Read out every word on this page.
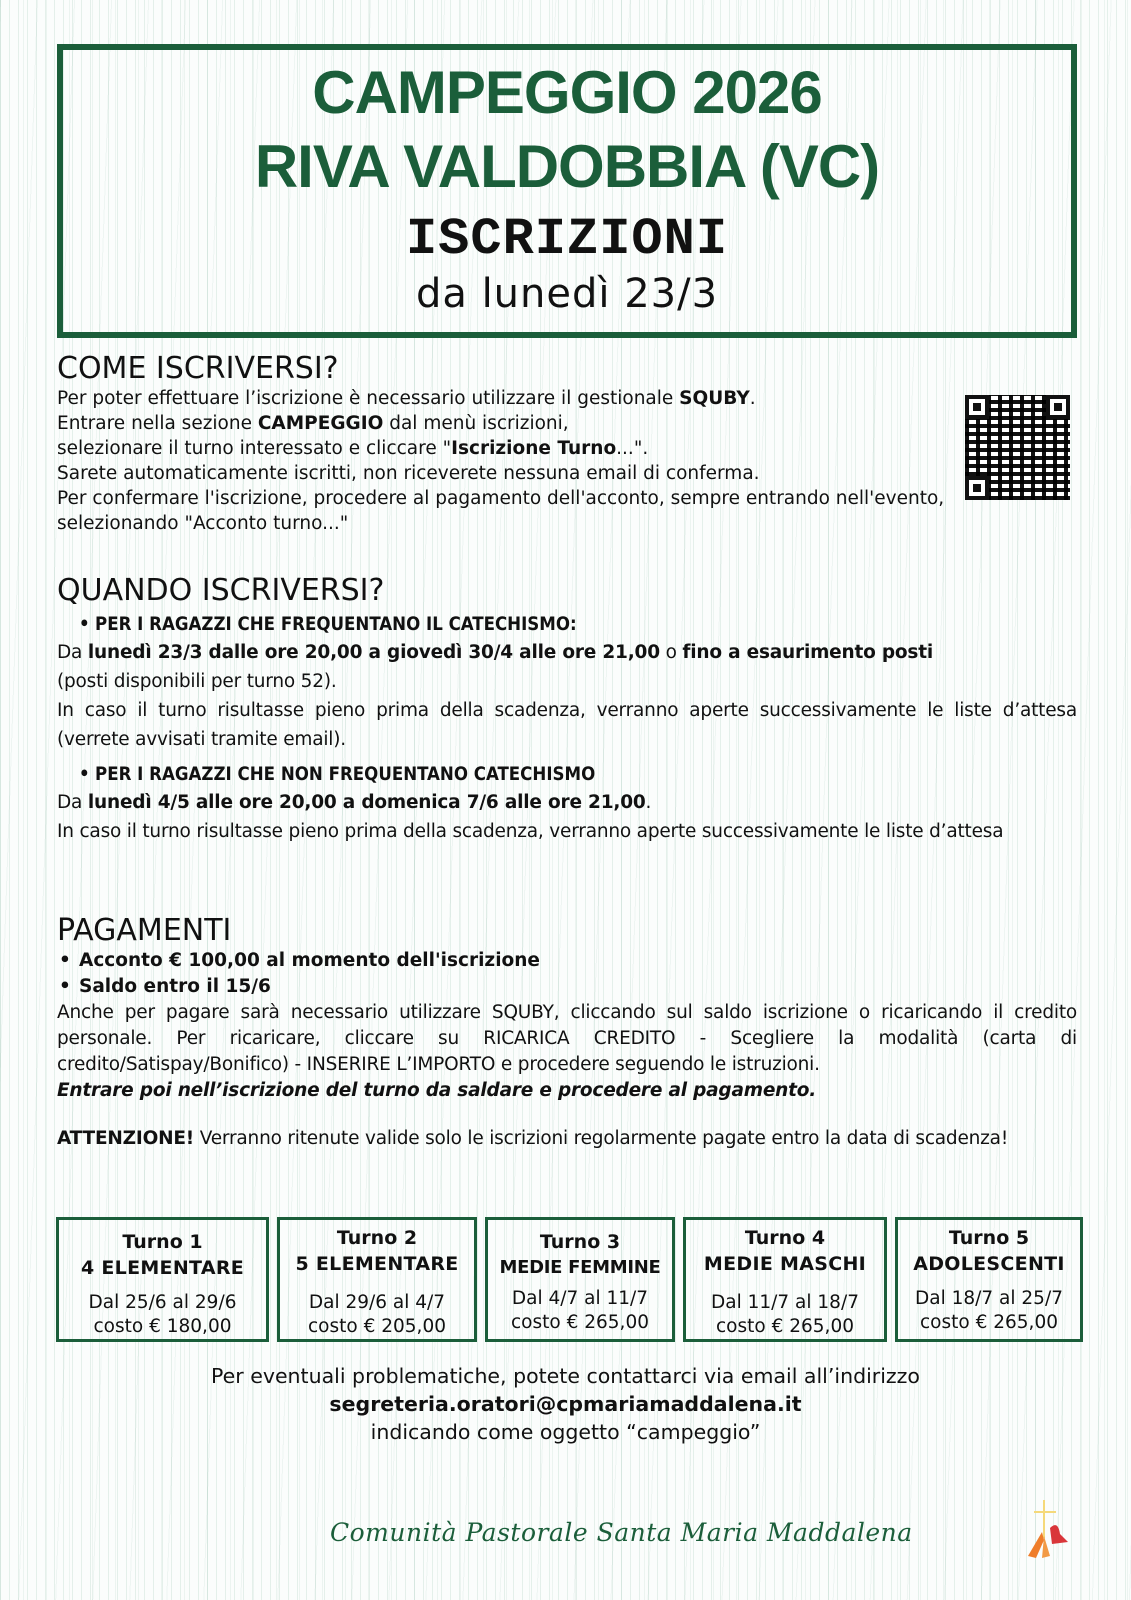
CAMPEGGIO 2026
RIVA VALDOBBIA (VC)
ISCRIZIONI
da lunedì 23/3
COME ISCRIVERSI?
Per poter effettuare l’iscrizione è necessario utilizzare il gestionale SQUBY.
Entrare nella sezione CAMPEGGIO dal menù iscrizioni,
selezionare il turno interessato e cliccare "Iscrizione Turno...".
Sarete automaticamente iscritti, non riceverete nessuna email di conferma.
Per confermare l'iscrizione, procedere al pagamento dell'acconto, sempre entrando nell'evento,
selezionando "Acconto turno..."
QUANDO ISCRIVERSI?
• PER I RAGAZZI CHE FREQUENTANO IL CATECHISMO:
Da lunedì 23/3 dalle ore 20,00 a giovedì 30/4 alle ore 21,00 o fino a esaurimento posti
(posti disponibili per turno 52).
In caso il turno risultasse pieno prima della scadenza, verranno aperte successivamente le liste d’attesa (verrete avvisati tramite email).
• PER I RAGAZZI CHE NON FREQUENTANO CATECHISMO
Da lunedì 4/5 alle ore 20,00 a domenica 7/6 alle ore 21,00.
In caso il turno risultasse pieno prima della scadenza, verranno aperte successivamente le liste d’attesa
PAGAMENTI
• Acconto € 100,00 al momento dell'iscrizione
• Saldo entro il 15/6
Anche per pagare sarà necessario utilizzare SQUBY, cliccando sul saldo iscrizione o ricaricando il credito personale. Per ricaricare, cliccare su RICARICA CREDITO - Scegliere la modalità (carta di credito/Satispay/Bonifico) - INSERIRE L’IMPORTO e procedere seguendo le istruzioni.
Entrare poi nell’iscrizione del turno da saldare e procedere al pagamento.
ATTENZIONE! Verranno ritenute valide solo le iscrizioni regolarmente pagate entro la data di scadenza!
Turno 1
4 ELEMENTARE
Dal 25/6 al 29/6
costo € 180,00
Turno 2
5 ELEMENTARE
Dal 29/6 al 4/7
costo € 205,00
Turno 3
MEDIE FEMMINE
Dal 4/7 al 11/7
costo € 265,00
Turno 4
MEDIE MASCHI
Dal 11/7 al 18/7
costo € 265,00
Turno 5
ADOLESCENTI
Dal 18/7 al 25/7
costo € 265,00
Per eventuali problematiche, potete contattarci via email all’indirizzo
segreteria.oratori@cpmariamaddalena.it
indicando come oggetto “campeggio”
Comunità Pastorale Santa Maria Maddalena
